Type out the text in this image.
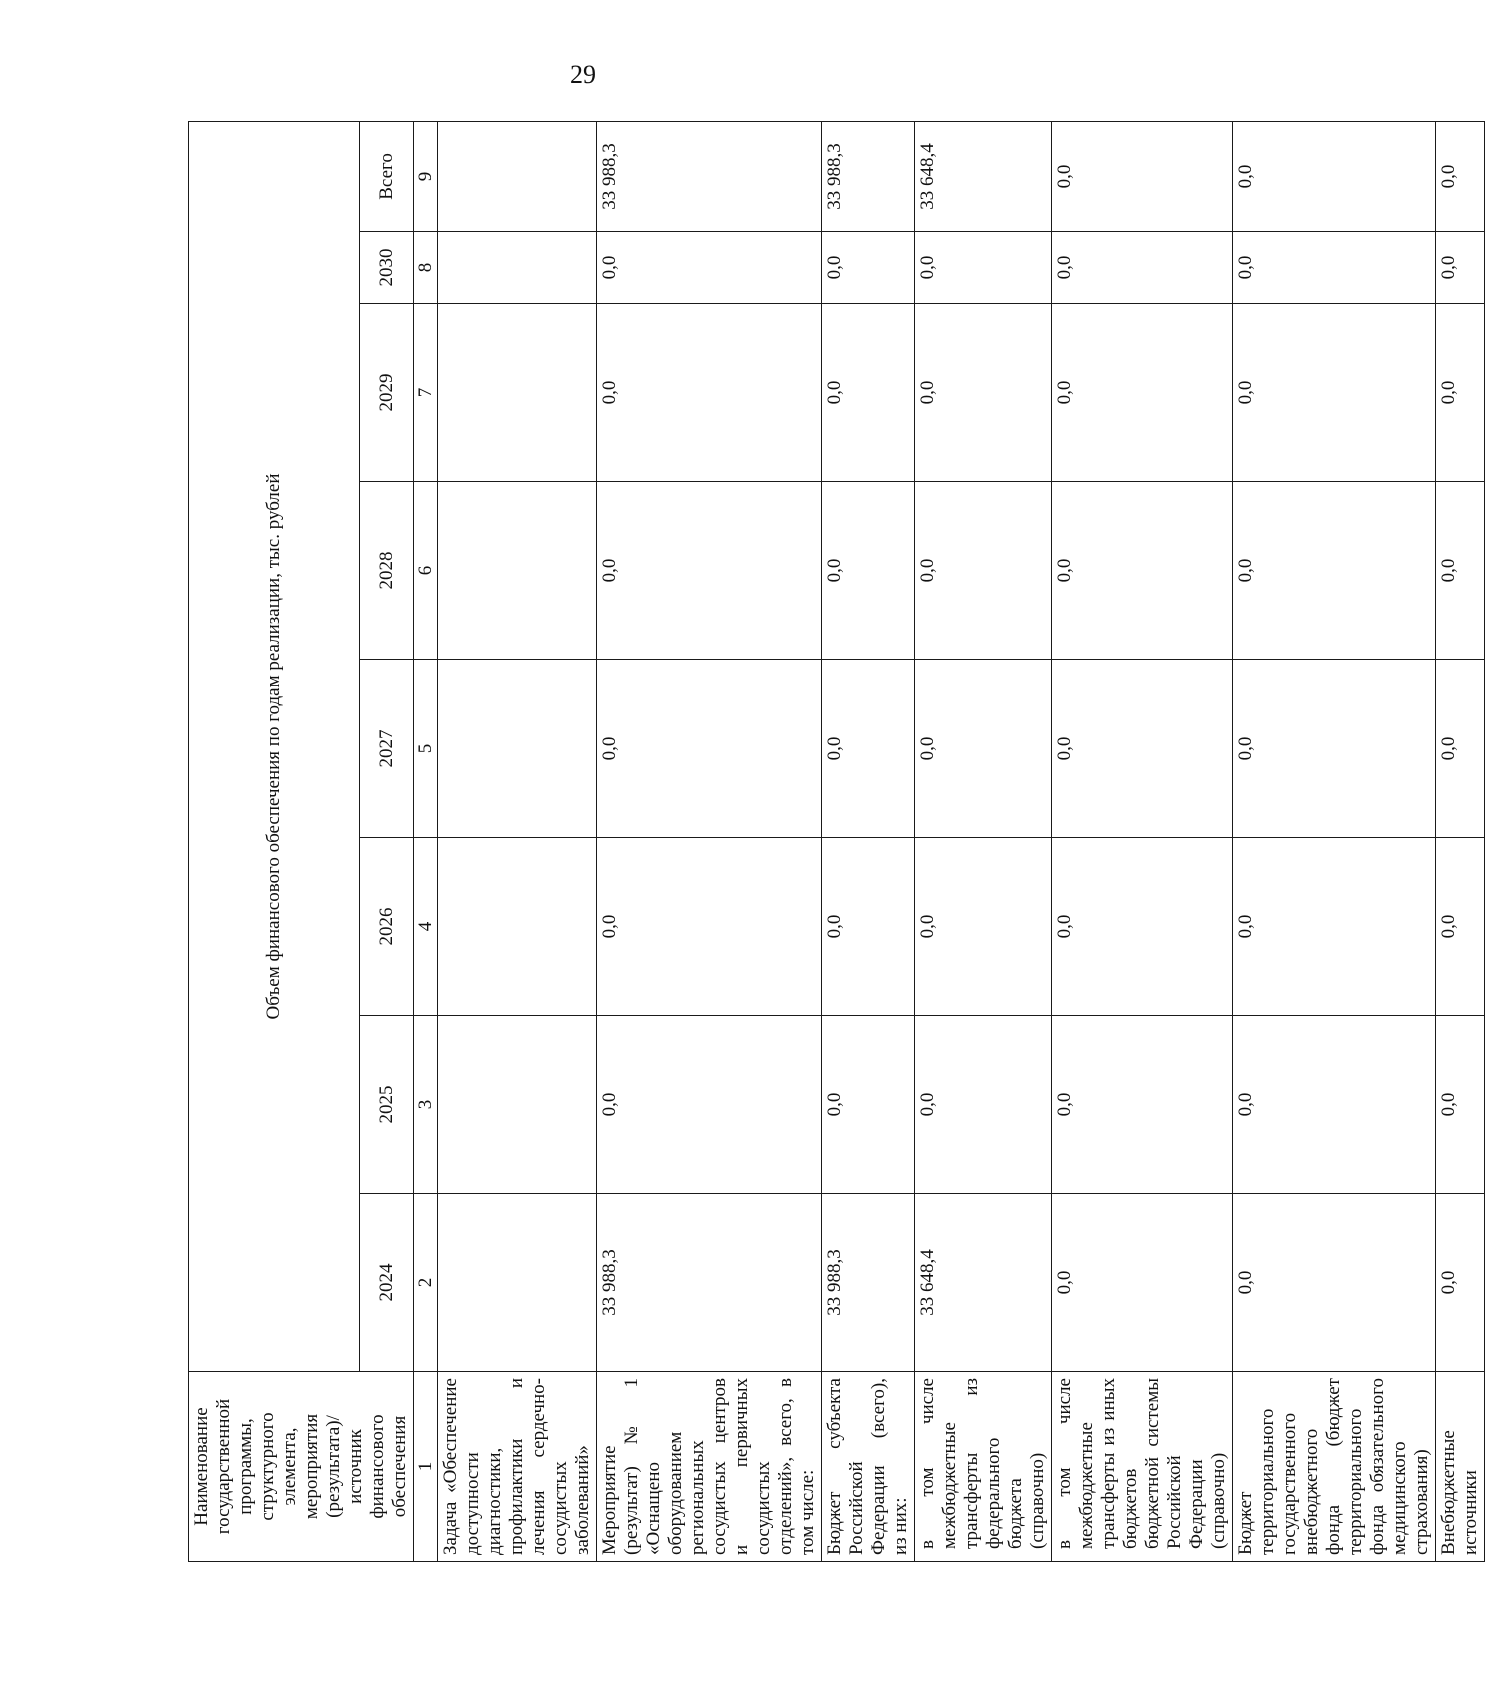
29
Наименование государственной программы, структурного элемента, мероприятия (результата)/источник финансового обеспечения	Объем финансового обеспечения по годам реализации, тыс. рублей							
	2024	2025	2026	2027	2028	2029	2030	Всего
1	2	3	4	5	6	7	8	9
Задача «Обеспечение доступности диагностики, профилактики и лечения сердечно-сосудистых заболеваний»								
Мероприятие (результат) № 1 «Оснащено оборудованием региональных сосудистых центров и первичных сосудистых отделений», всего, в том числе:	33 988,3	0,0	0,0	0,0	0,0	0,0	0,0	33 988,3
Бюджет субъекта Российской Федерации (всего), из них:	33 988,3	0,0	0,0	0,0	0,0	0,0	0,0	33 988,3
в том числе межбюджетные трансферты из федерального бюджета (справочно)	33 648,4	0,0	0,0	0,0	0,0	0,0	0,0	33 648,4
в том числе межбюджетные трансферты из иных бюджетов бюджетной системы Российской Федерации (справочно)	0,0	0,0	0,0	0,0	0,0	0,0	0,0	0,0
Бюджет территориального государственного внебюджетного фонда (бюджет территориального фонда обязательного медицинского страхования)	0,0	0,0	0,0	0,0	0,0	0,0	0,0	0,0
Внебюджетные источники	0,0	0,0	0,0	0,0	0,0	0,0	0,0	0,0
